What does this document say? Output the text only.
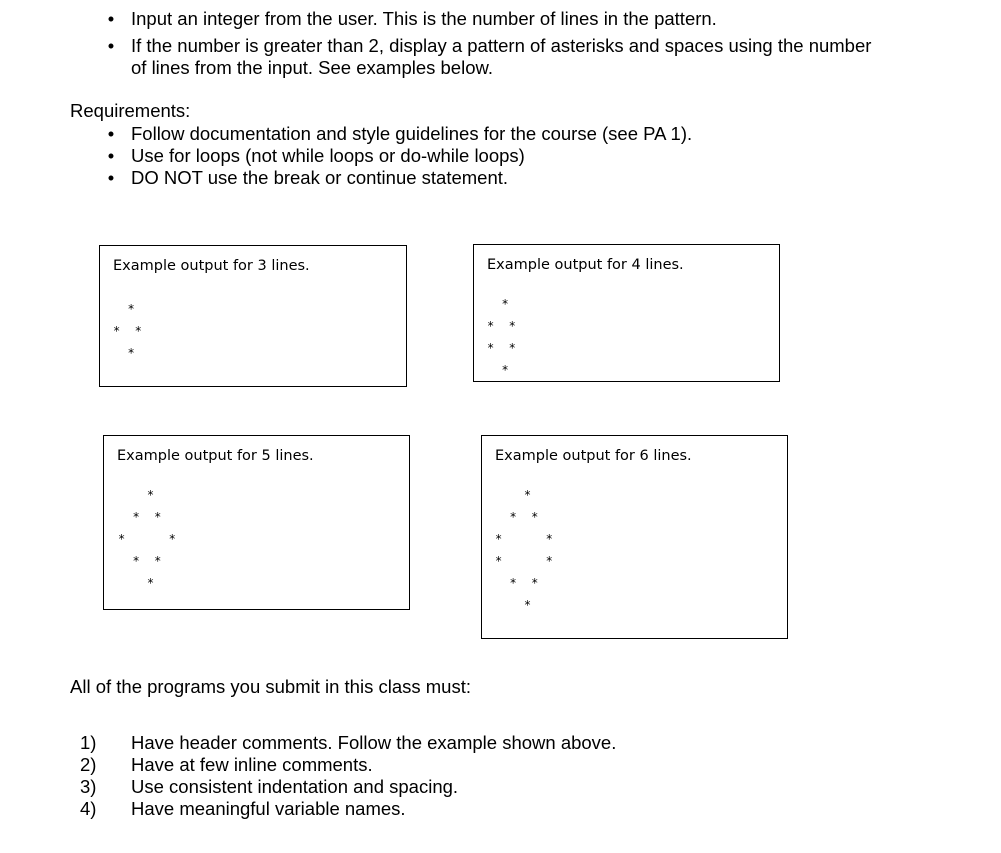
• Input an integer from the user. This is the number of lines in the pattern.
• If the number is greater than 2, display a pattern of asterisks and spaces using the number
of lines from the input. See examples below.

Requirements:

• Follow documentation and style guidelines for the course (see PA 1).
• Use for loops (not while loops or do-while loops)
• DO NOT use the break or continue statement.
Example output for 3 lines.
*
*  *
*
Example output for 4 lines.
*
*  *
*  *
*
Example output for 5 lines.
*
*  *
*      *
*  *
*
Example output for 6 lines.
*
*  *
*      *
*      *
*  *
*

All of the programs you submit in this class must:

1) Have header comments. Follow the example shown above.
2) Have at few inline comments.
3) Use consistent indentation and spacing.
4) Have meaningful variable names.
